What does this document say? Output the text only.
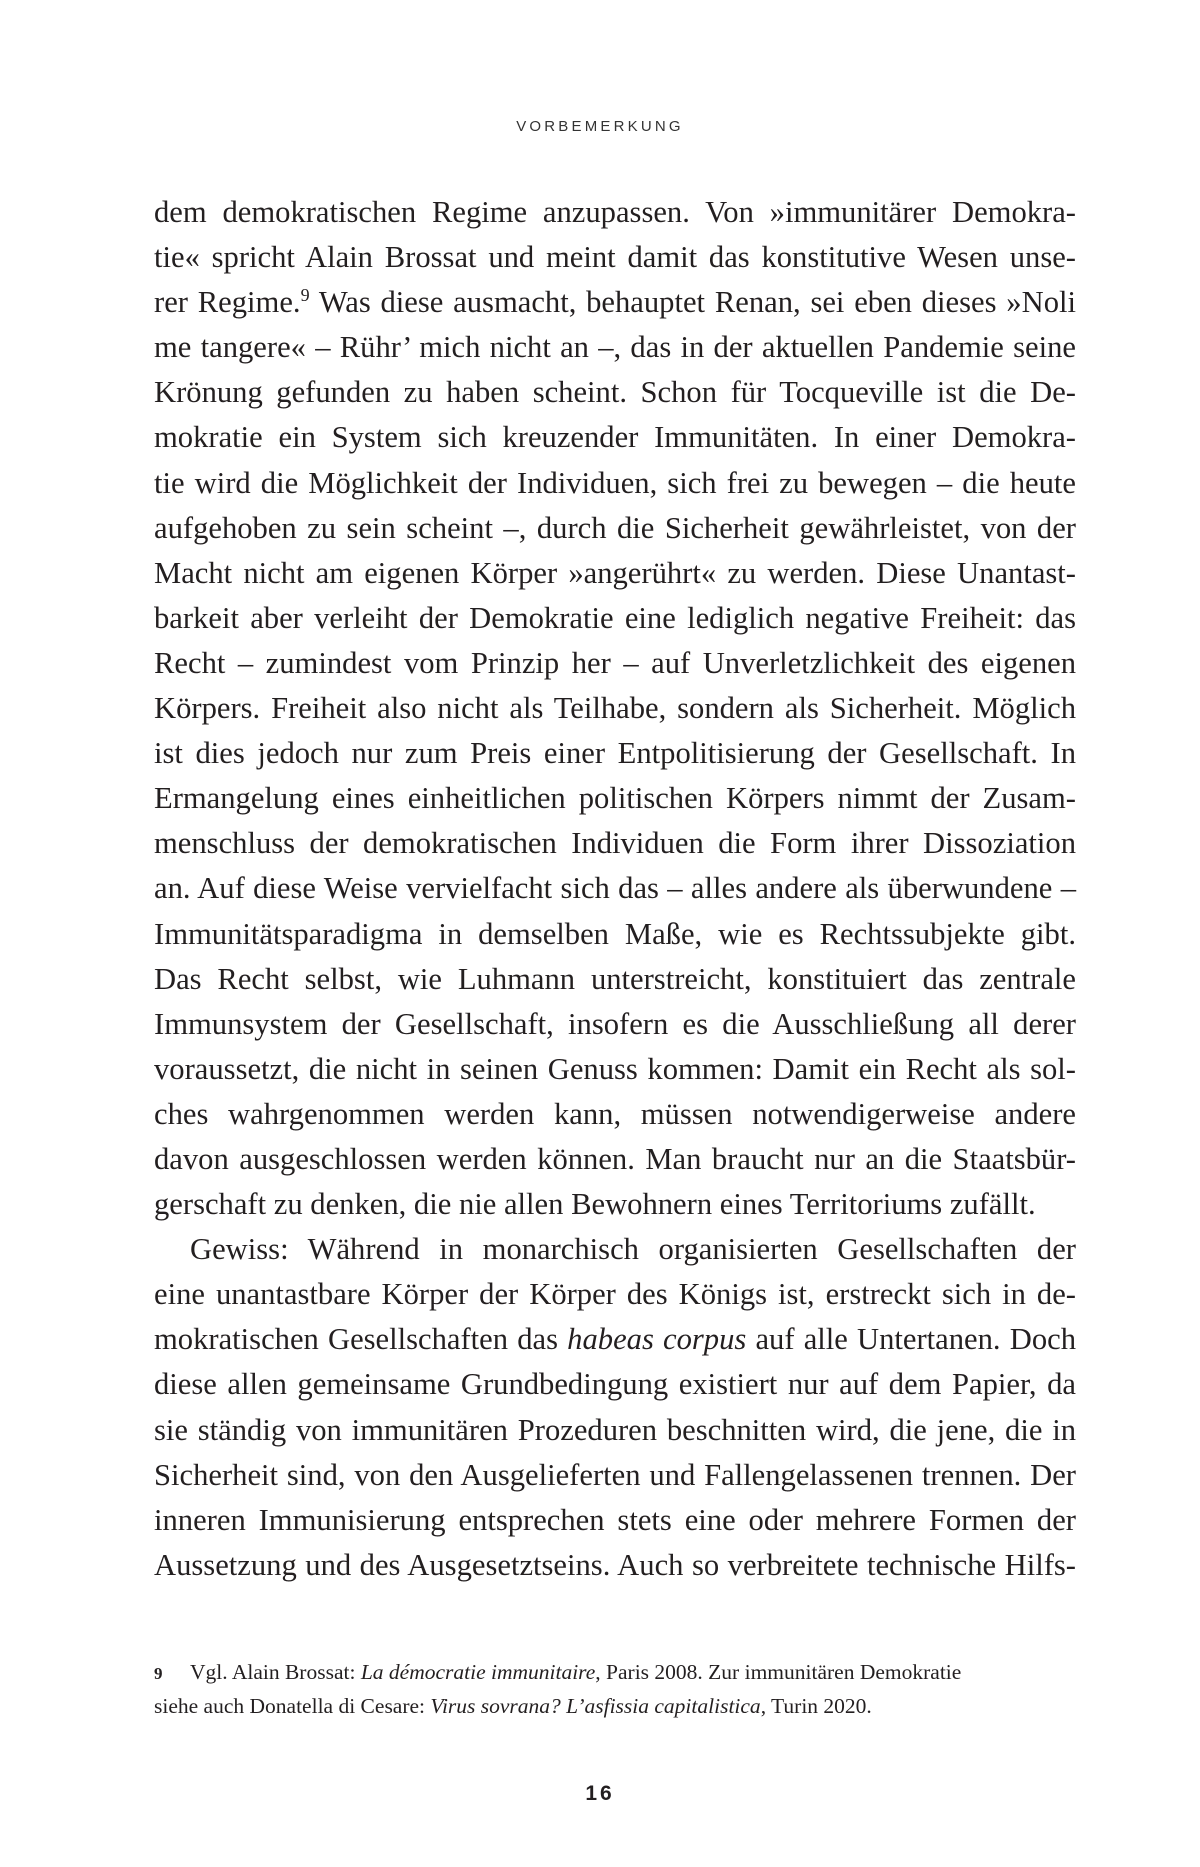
VORBEMERKUNG

dem demokratischen Regime anzupassen. Von »immunitärer Demokra-
tie« spricht Alain Brossat und meint damit das konstitutive Wesen unse-
rer Regime.$^9$ Was diese ausmacht, behauptet Renan, sei eben dieses »Noli
me tangere« – Rühr’ mich nicht an –, das in der aktuellen Pandemie seine
Krönung gefunden zu haben scheint. Schon für Tocqueville ist die De-
mokratie ein System sich kreuzender Immunitäten. In einer Demokra-
tie wird die Möglichkeit der Individuen, sich frei zu bewegen – die heute
aufgehoben zu sein scheint –, durch die Sicherheit gewährleistet, von der
Macht nicht am eigenen Körper »angerührt« zu werden. Diese Unantast-
barkeit aber verleiht der Demokratie eine lediglich negative Freiheit: das
Recht – zumindest vom Prinzip her – auf Unverletzlichkeit des eigenen
Körpers. Freiheit also nicht als Teilhabe, sondern als Sicherheit. Möglich
ist dies jedoch nur zum Preis einer Entpolitisierung der Gesellschaft. In
Ermangelung eines einheitlichen politischen Körpers nimmt der Zusam-
menschluss der demokratischen Individuen die Form ihrer Dissoziation
an. Auf diese Weise vervielfacht sich das – alles andere als überwundene –
Immunitätsparadigma in demselben Maße, wie es Rechtssubjekte gibt.
Das Recht selbst, wie Luhmann unterstreicht, konstituiert das zentrale
Immunsystem der Gesellschaft, insofern es die Ausschließung all derer
voraussetzt, die nicht in seinen Genuss kommen: Damit ein Recht als sol-
ches wahrgenommen werden kann, müssen notwendigerweise andere
davon ausgeschlossen werden können. Man braucht nur an die Staatsbür-
gerschaft zu denken, die nie allen Bewohnern eines Territoriums zufällt.

Gewiss: Während in monarchisch organisierten Gesellschaften der
eine unantastbare Körper der Körper des Königs ist, erstreckt sich in de-
mokratischen Gesellschaften das habeas corpus auf alle Untertanen. Doch
diese allen gemeinsame Grundbedingung existiert nur auf dem Papier, da
sie ständig von immunitären Prozeduren beschnitten wird, die jene, die in
Sicherheit sind, von den Ausgelieferten und Fallengelassenen trennen. Der
inneren Immunisierung entsprechen stets eine oder mehrere Formen der
Aussetzung und des Ausgesetztseins. Auch so verbreitete technische Hilfs-

9 Vgl. Alain Brossat: La démocratie immunitaire, Paris 2008. Zur immunitären Demokratie
siehe auch Donatella di Cesare: Virus sovrana? L’asfissia capitalistica, Turin 2020.
16
